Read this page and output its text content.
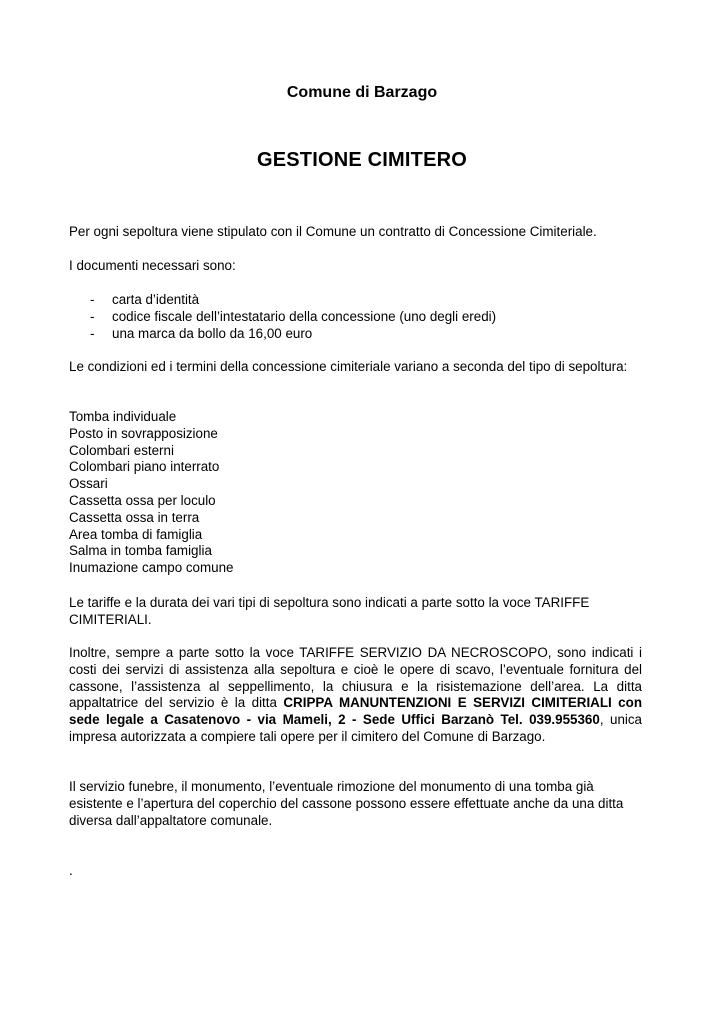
Comune di Barzago
GESTIONE CIMITERO
Per ogni sepoltura viene stipulato con il Comune un contratto di Concessione Cimiteriale.
I documenti necessari sono:
- carta d’identità
- codice fiscale dell’intestatario della concessione (uno degli eredi)
- una marca da bollo da 16,00 euro
Le condizioni ed i termini della concessione cimiteriale variano a seconda del tipo di sepoltura:
Tomba individuale
Posto in sovrapposizione
Colombari esterni
Colombari piano interrato
Ossari
Cassetta ossa per loculo
Cassetta ossa in terra
Area tomba di famiglia
Salma in tomba famiglia
Inumazione campo comune
Le tariffe e la durata dei vari tipi di sepoltura sono indicati a parte sotto la voce TARIFFE CIMITERIALI.
Inoltre, sempre a parte sotto la voce TARIFFE SERVIZIO DA NECROSCOPO, sono indicati i costi dei servizi di assistenza alla sepoltura e cioè le opere di scavo, l’eventuale fornitura del cassone, l’assistenza al seppellimento, la chiusura e la risistemazione dell’area. La ditta appaltatrice del servizio è la ditta CRIPPA MANUNTENZIONI E SERVIZI CIMITERIALI con sede legale a Casatenovo - via Mameli, 2 - Sede Uffici Barzanò Tel. 039.955360, unica impresa autorizzata a compiere tali opere per il cimitero del Comune di Barzago.
Il servizio funebre, il monumento, l’eventuale rimozione del monumento di una tomba già esistente e l’apertura del coperchio del cassone possono essere effettuate anche da una ditta diversa dall’appaltatore comunale.
.
